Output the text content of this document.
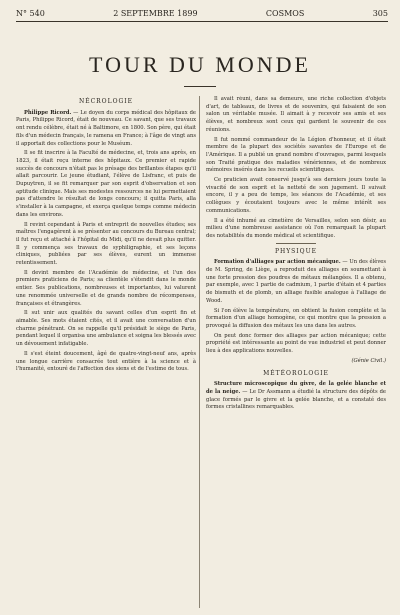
N° 540	2 SEPTEMBRE 1899	COSMOS	305
TOUR DU MONDE
NÉCROLOGIE

Philippe Ricord. — Le doyen du corps médical des hôpitaux de Paris, Philippe Ricord, était de nouveau. Ce savant, que ses travaux ont rendu célèbre, était né à Baltimore, en 1800. Son père, qui était fils d'un médecin français, le ramena en France; à l'âge de vingt ans il apportait des collections pour le Muséum.

Il se fit inscrire à la Faculté de médecine, et, trois ans après, en 1823, il était reçu interne des hôpitaux. Ce premier et rapide succès de concours n'était pas le présage des brillantes étapes qu'il allait parcourir. Le jeune étudiant, l'élève de Lisfranc, et puis de Dupuytren, il se fit remarquer par son esprit d'observation et son aptitude clinique. Mais ses modestes ressources ne lui permettaient pas d'attendre le résultat de longs concours; il quitta Paris, alla s'installer à la campagne, et exerça quelque temps comme médecin dans les environs.

Il revint cependant à Paris et entreprit de nouvelles études; ses maîtres l'engagèrent à se présenter au concours du Bureau central; il fut reçu et attaché à l'hôpital du Midi, qu'il ne devait plus quitter. Il y commença ses travaux de syphiligraphie, et ses leçons cliniques, publiées par ses élèves, eurent un immense retentissement.

Il devint membre de l'Académie de médecine, et l'un des premiers praticiens de Paris; sa clientèle s'étendit dans le monde entier. Ses publications, nombreuses et importantes, lui valurent une renommée universelle et de grands nombre de récompenses, françaises et étrangères.

Il sut unir aux qualités du savant celles d'un esprit fin et aimable. Ses mots étaient cités, et il avait une conversation d'un charme pénétrant. On se rappelle qu'il présidait le siège de Paris, pendant lequel il organisa une ambulance et soigna les blessés avec un dévouement infatigable.

Il s'est éteint doucement, âgé de quatre-vingt-neuf ans, après une longue carrière consacrée tout entière à la science et à l'humanité, entouré de l'affection des siens et de l'estime de tous.

Il avait réuni, dans sa demeure, une riche collection d'objets d'art, de tableaux, de livres et de souvenirs, qui faisaient de son salon un véritable musée. Il aimait à y recevoir ses amis et ses élèves, et nombreux sont ceux qui gardent le souvenir de ces réunions.

Il fut nommé commandeur de la Légion d'honneur, et il était membre de la plupart des sociétés savantes de l'Europe et de l'Amérique. Il a publié un grand nombre d'ouvrages, parmi lesquels son Traité pratique des maladies vénériennes, et de nombreux mémoires insérés dans les recueils scientifiques.

Ce praticien avait conservé jusqu'à ses derniers jours toute la vivacité de son esprit et la netteté de son jugement. Il suivait encore, il y a peu de temps, les séances de l'Académie, et ses collègues y écoutaient toujours avec le même intérêt ses communications.

Il a été inhumé au cimetière de Versailles, selon son désir, au milieu d'une nombreuse assistance où l'on remarquait la plupart des notabilités du monde médical et scientifique.

PHYSIQUE

Formation d'alliages par action mécanique. — Un des élèves de M. Spring, de Liège, a reproduit des alliages en soumettant à une forte pression des poudres de métaux mélangées. Il a obtenu, par exemple, avec 1 partie de cadmium, 1 partie d'étain et 4 parties de bismuth et de plomb, un alliage fusible analogue à l'alliage de Wood.

Si l'on élève la température, on obtient la fusion complète et la formation d'un alliage homogène, ce qui montre que la pression a provoqué la diffusion des métaux les uns dans les autres.

On peut donc former des alliages par action mécanique; cette propriété est intéressante au point de vue industriel et peut donner lieu à des applications nouvelles.

(Génie Civil.)
MÉTÉOROLOGIE

Structure microscopique du givre, de la gelée blanche et de la neige. — Le Dr Assmann a étudié la structure des dépôts de glace formés par le givre et la gelée blanche, et a constaté des formes cristallines remarquables.
